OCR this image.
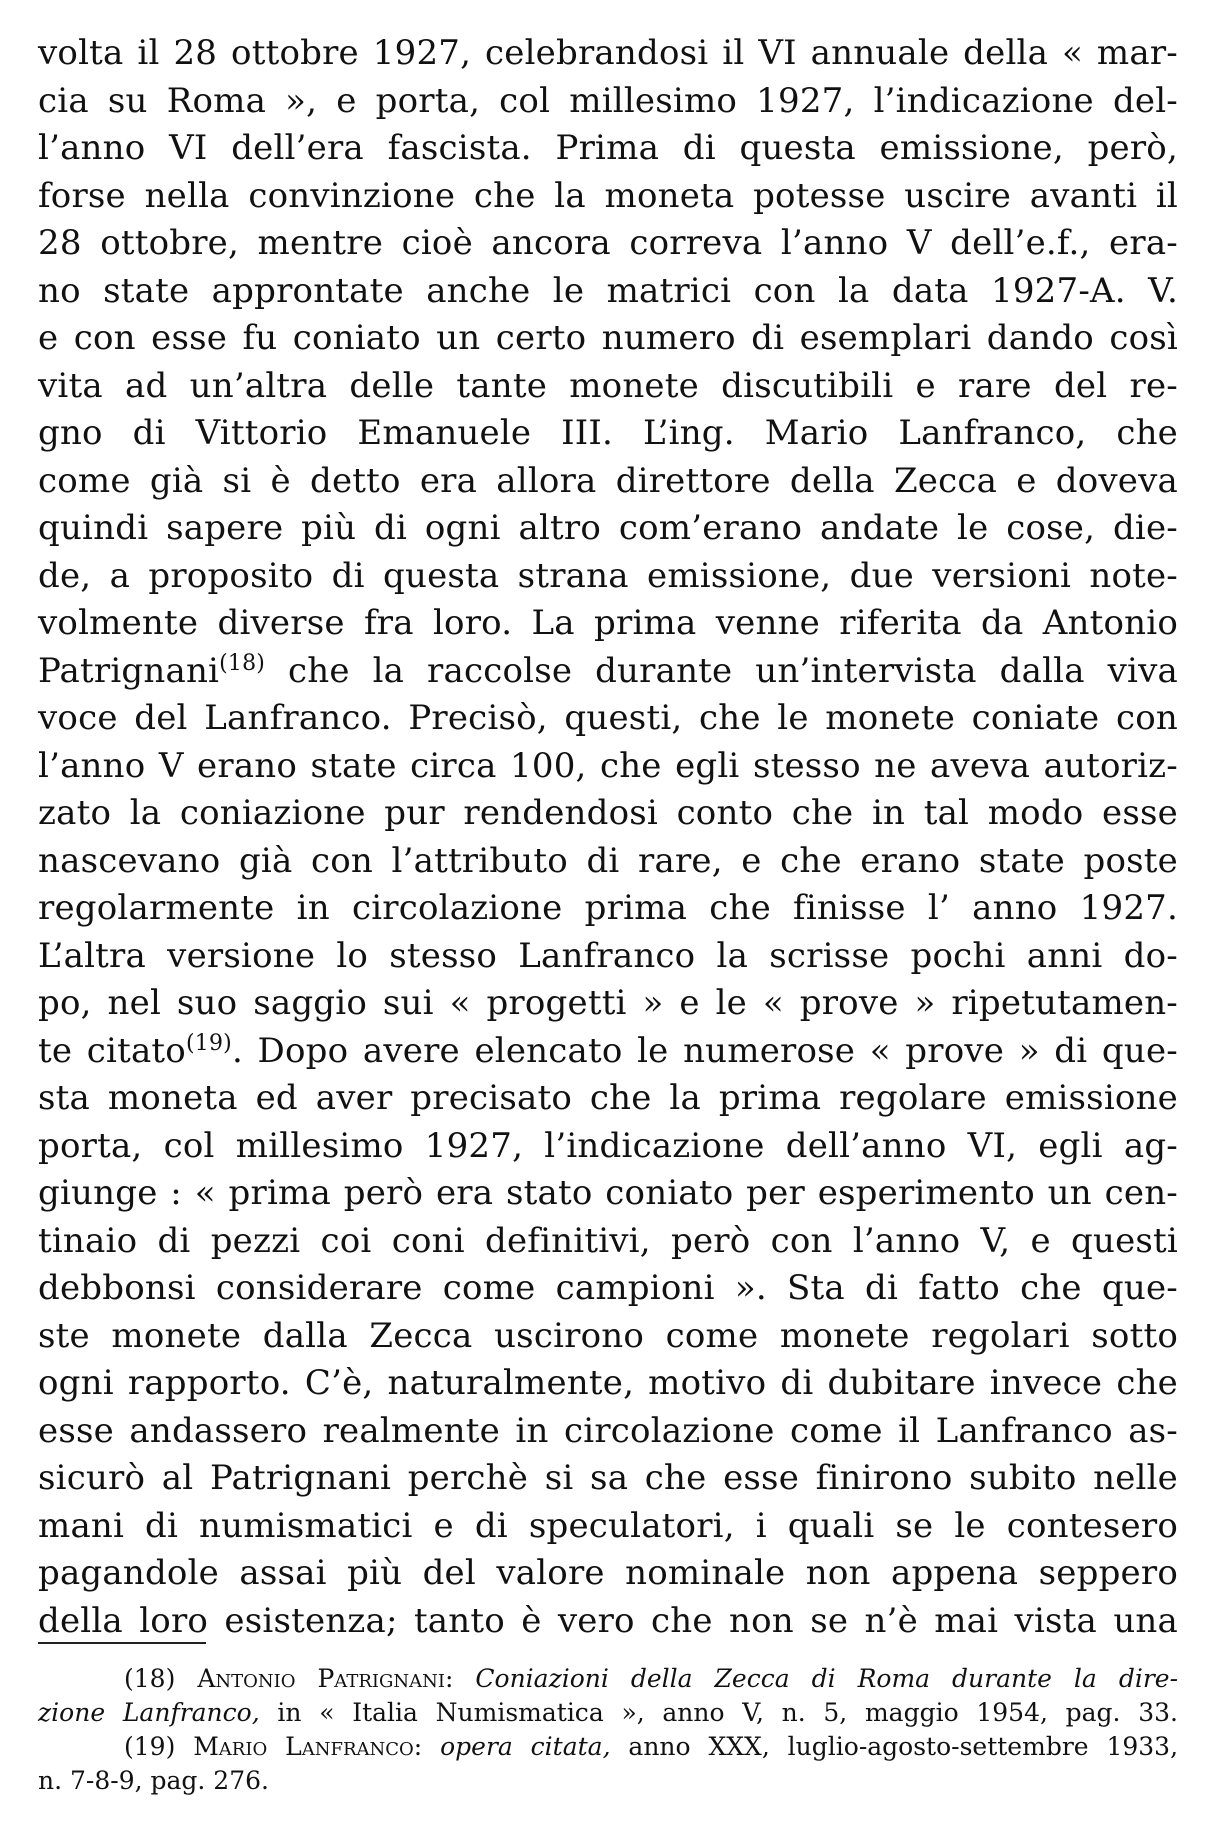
volta il 28 ottobre 1927, celebrandosi il VI annuale della « mar-
cia su Roma », e porta, col millesimo 1927, l’indicazione del-
l’anno VI dell’era fascista. Prima di questa emissione, però,
forse nella convinzione che la moneta potesse uscire avanti il
28 ottobre, mentre cioè ancora correva l’anno V dell’e.f., era-
no state approntate anche le matrici con la data 1927-A. V.
e con esse fu coniato un certo numero di esemplari dando così
vita ad un’altra delle tante monete discutibili e rare del re-
gno di Vittorio Emanuele III. L’ing. Mario Lanfranco, che
come già si è detto era allora direttore della Zecca e doveva
quindi sapere più di ogni altro com’erano andate le cose, die-
de, a proposito di questa strana emissione, due versioni note-
volmente diverse fra loro. La prima venne riferita da Antonio
Patrignani$^{(18)}$ che la raccolse durante un’intervista dalla viva
voce del Lanfranco. Precisò, questi, che le monete coniate con
l’anno V erano state circa 100, che egli stesso ne aveva autoriz-
zato la coniazione pur rendendosi conto che in tal modo esse
nascevano già con l’attributo di rare, e che erano state poste
regolarmente in circolazione prima che finisse l’ anno 1927.
L’altra versione lo stesso Lanfranco la scrisse pochi anni do-
po, nel suo saggio sui « progetti » e le « prove » ripetutamen-
te citato$^{(19)}$. Dopo avere elencato le numerose « prove » di que-
sta moneta ed aver precisato che la prima regolare emissione
porta, col millesimo 1927, l’indicazione dell’anno VI, egli ag-
giunge : « prima però era stato coniato per esperimento un cen-
tinaio di pezzi coi coni definitivi, però con l’anno V, e questi
debbonsi considerare come campioni ». Sta di fatto che que-
ste monete dalla Zecca uscirono come monete regolari sotto
ogni rapporto. C’è, naturalmente, motivo di dubitare invece che
esse andassero realmente in circolazione come il Lanfranco as-
sicurò al Patrignani perchè si sa che esse finirono subito nelle
mani di numismatici e di speculatori, i quali se le contesero
pagandole assai più del valore nominale non appena seppero
della loro esistenza; tanto è vero che non se n’è mai vista una
(18) Antonio Patrignani: Coniazioni della Zecca di Roma durante la dire-
zione Lanfranco, in « Italia Numismatica », anno V, n. 5, maggio 1954, pag. 33.
(19) Mario Lanfranco: opera citata, anno XXX, luglio-agosto-settembre 1933,
n. 7-8-9, pag. 276.
